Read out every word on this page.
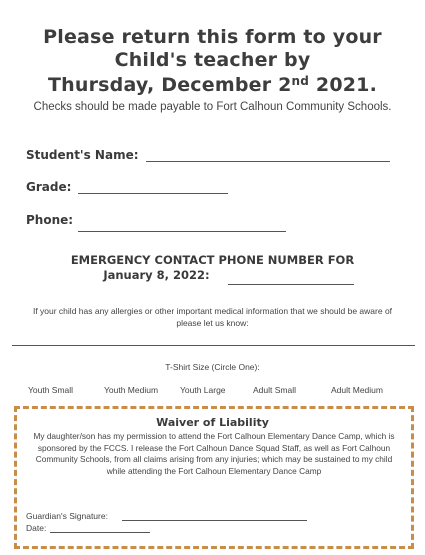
Please return this form to your
Child's teacher by
Thursday, December 2nd 2021.
Checks should be made payable to Fort Calhoun Community Schools.
Student's Name:
Grade:
Phone:
EMERGENCY CONTACT PHONE NUMBER FOR
January 8, 2022:
If your child has any allergies or other important medical information that we should be aware of please let us know:
T-Shirt Size (Circle One):
Youth Small	Youth Medium	Youth Large	Adult Small	Adult Medium
Waiver of Liability
My daughter/son has my permission to attend the Fort Calhoun Elementary Dance Camp, which is sponsored by the FCCS. I release the Fort Calhoun Dance Squad Staff, as well as Fort Calhoun Community Schools, from all claims arising from any injuries; which may be sustained to my child while attending the Fort Calhoun Elementary Dance Camp
Guardian's Signature:
Date:
